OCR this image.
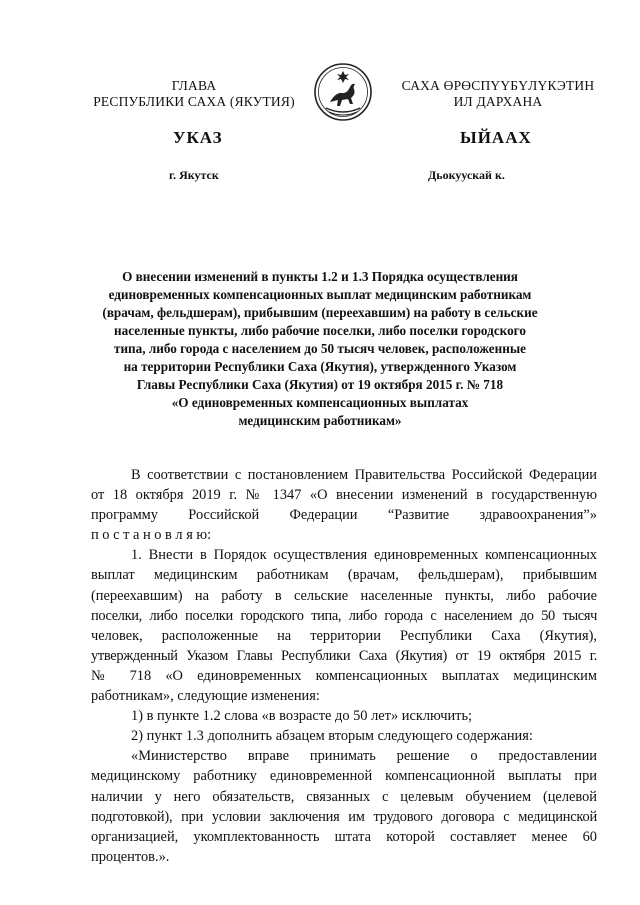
ГЛАВА
РЕСПУБЛИКИ САХА (ЯКУТИЯ)
САХА ӨРӨСПҮҮБҮЛҮКЭТИН
ИЛ ДАРХАНА
УКАЗ	ЫЙААХ
г. Якутск	Дьокуускай к.
О внесении изменений в пункты 1.2 и 1.3 Порядка осуществления
единовременных компенсационных выплат медицинским работникам
(врачам, фельдшерам), прибывшим (переехавшим) на работу в сельские
населенные пункты, либо рабочие поселки, либо поселки городского
типа, либо города с населением до 50 тысяч человек, расположенные
на территории Республики Саха (Якутия), утвержденного Указом
Главы Республики Саха (Якутия) от 19 октября 2015 г. № 718
«О единовременных компенсационных выплатах
медицинским работникам»
В соответствии с постановлением Правительства Российской Федерации
от 18 октября 2019 г. № 1347 «О внесении изменений в государственную
программу Российской Федерации “Развитие здравоохранения”»
п о с т а н о в л я ю:
1. Внести в Порядок осуществления единовременных компенсационных
выплат медицинским работникам (врачам, фельдшерам), прибывшим
(переехавшим) на работу в сельские населенные пункты, либо рабочие
поселки, либо поселки городского типа, либо города с населением до 50 тысяч
человек, расположенные на территории Республики Саха (Якутия),
утвержденный Указом Главы Республики Саха (Якутия) от 19 октября 2015 г.
№ 718 «О единовременных компенсационных выплатах медицинским
работникам», следующие изменения:
1) в пункте 1.2 слова «в возрасте до 50 лет» исключить;
2) пункт 1.3 дополнить абзацем вторым следующего содержания:
«Министерство вправе принимать решение о предоставлении
медицинскому работнику единовременной компенсационной выплаты при
наличии у него обязательств, связанных с целевым обучением (целевой
подготовкой), при условии заключения им трудового договора с медицинской
организацией, укомплектованность штата которой составляет менее 60
процентов.».
